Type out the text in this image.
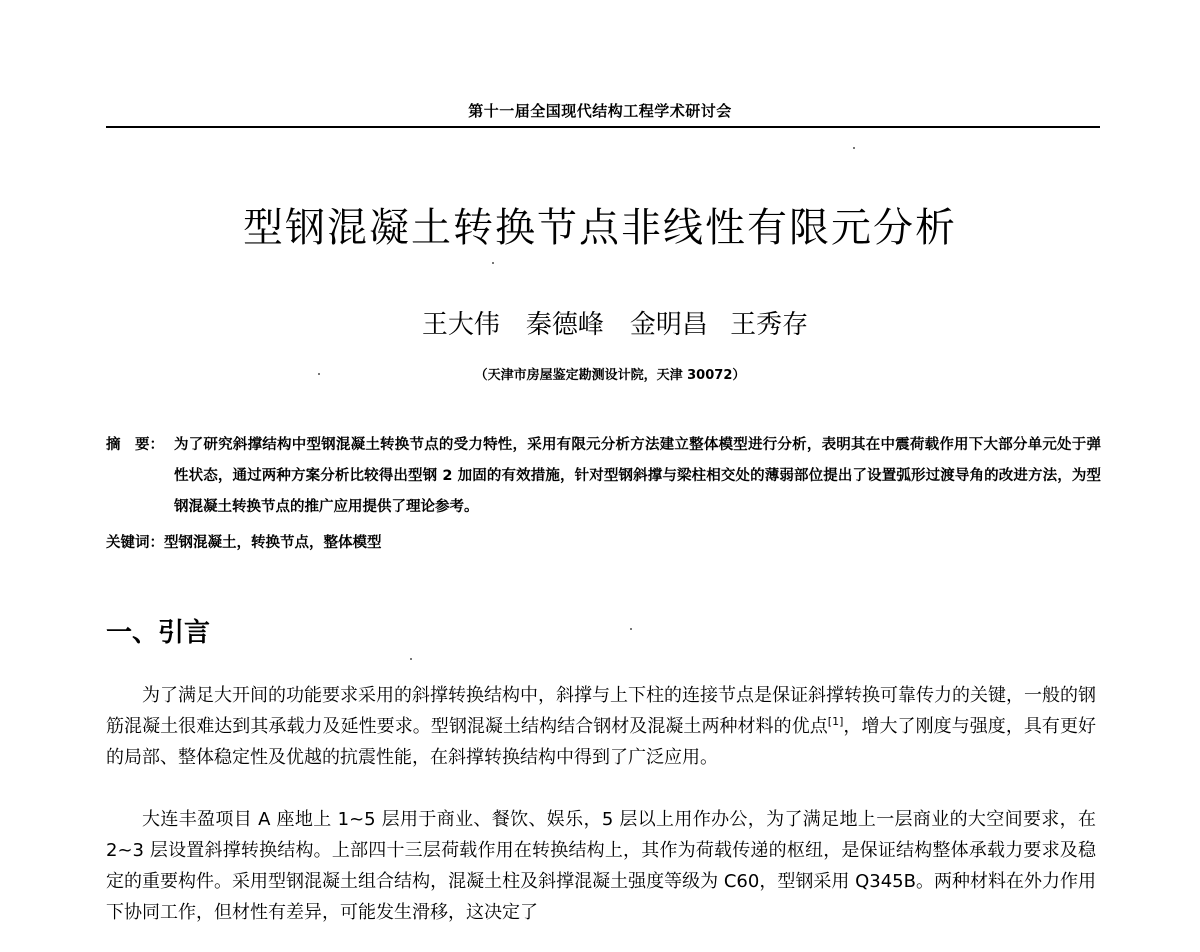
第十一届全国现代结构工程学术研讨会
型钢混凝土转换节点非线性有限元分析
王大伟　秦德峰　金明昌 王秀存
（天津市房屋鉴定勘测设计院，天津 30072）
摘　要： 为了研究斜撑结构中型钢混凝土转换节点的受力特性，采用有限元分析方法建立整体模型进行分析，表明其在中震荷载作用下大部分单元处于弹性状态，通过两种方案分析比较得出型钢 2 加固的有效措施，针对型钢斜撑与梁柱相交处的薄弱部位提出了设置弧形过渡导角的改进方法，为型钢混凝土转换节点的推广应用提供了理论参考。
关键词：型钢混凝土，转换节点，整体模型
一、引言
为了满足大开间的功能要求采用的斜撑转换结构中，斜撑与上下柱的连接节点是保证斜撑转换可靠传力的关键，一般的钢筋混凝土很难达到其承载力及延性要求。型钢混凝土结构结合钢材及混凝土两种材料的优点[1]，增大了刚度与强度，具有更好的局部、整体稳定性及优越的抗震性能，在斜撑转换结构中得到了广泛应用。
大连丰盈项目 A 座地上 1~5 层用于商业、餐饮、娱乐，5 层以上用作办公，为了满足地上一层商业的大空间要求，在 2~3 层设置斜撑转换结构。上部四十三层荷载作用在转换结构上，其作为荷载传递的枢纽，是保证结构整体承载力要求及稳定的重要构件。采用型钢混凝土组合结构，混凝土柱及斜撑混凝土强度等级为 C60，型钢采用 Q345B。两种材料在外力作用下协同工作，但材性有差异，可能发生滑移，这决定了
